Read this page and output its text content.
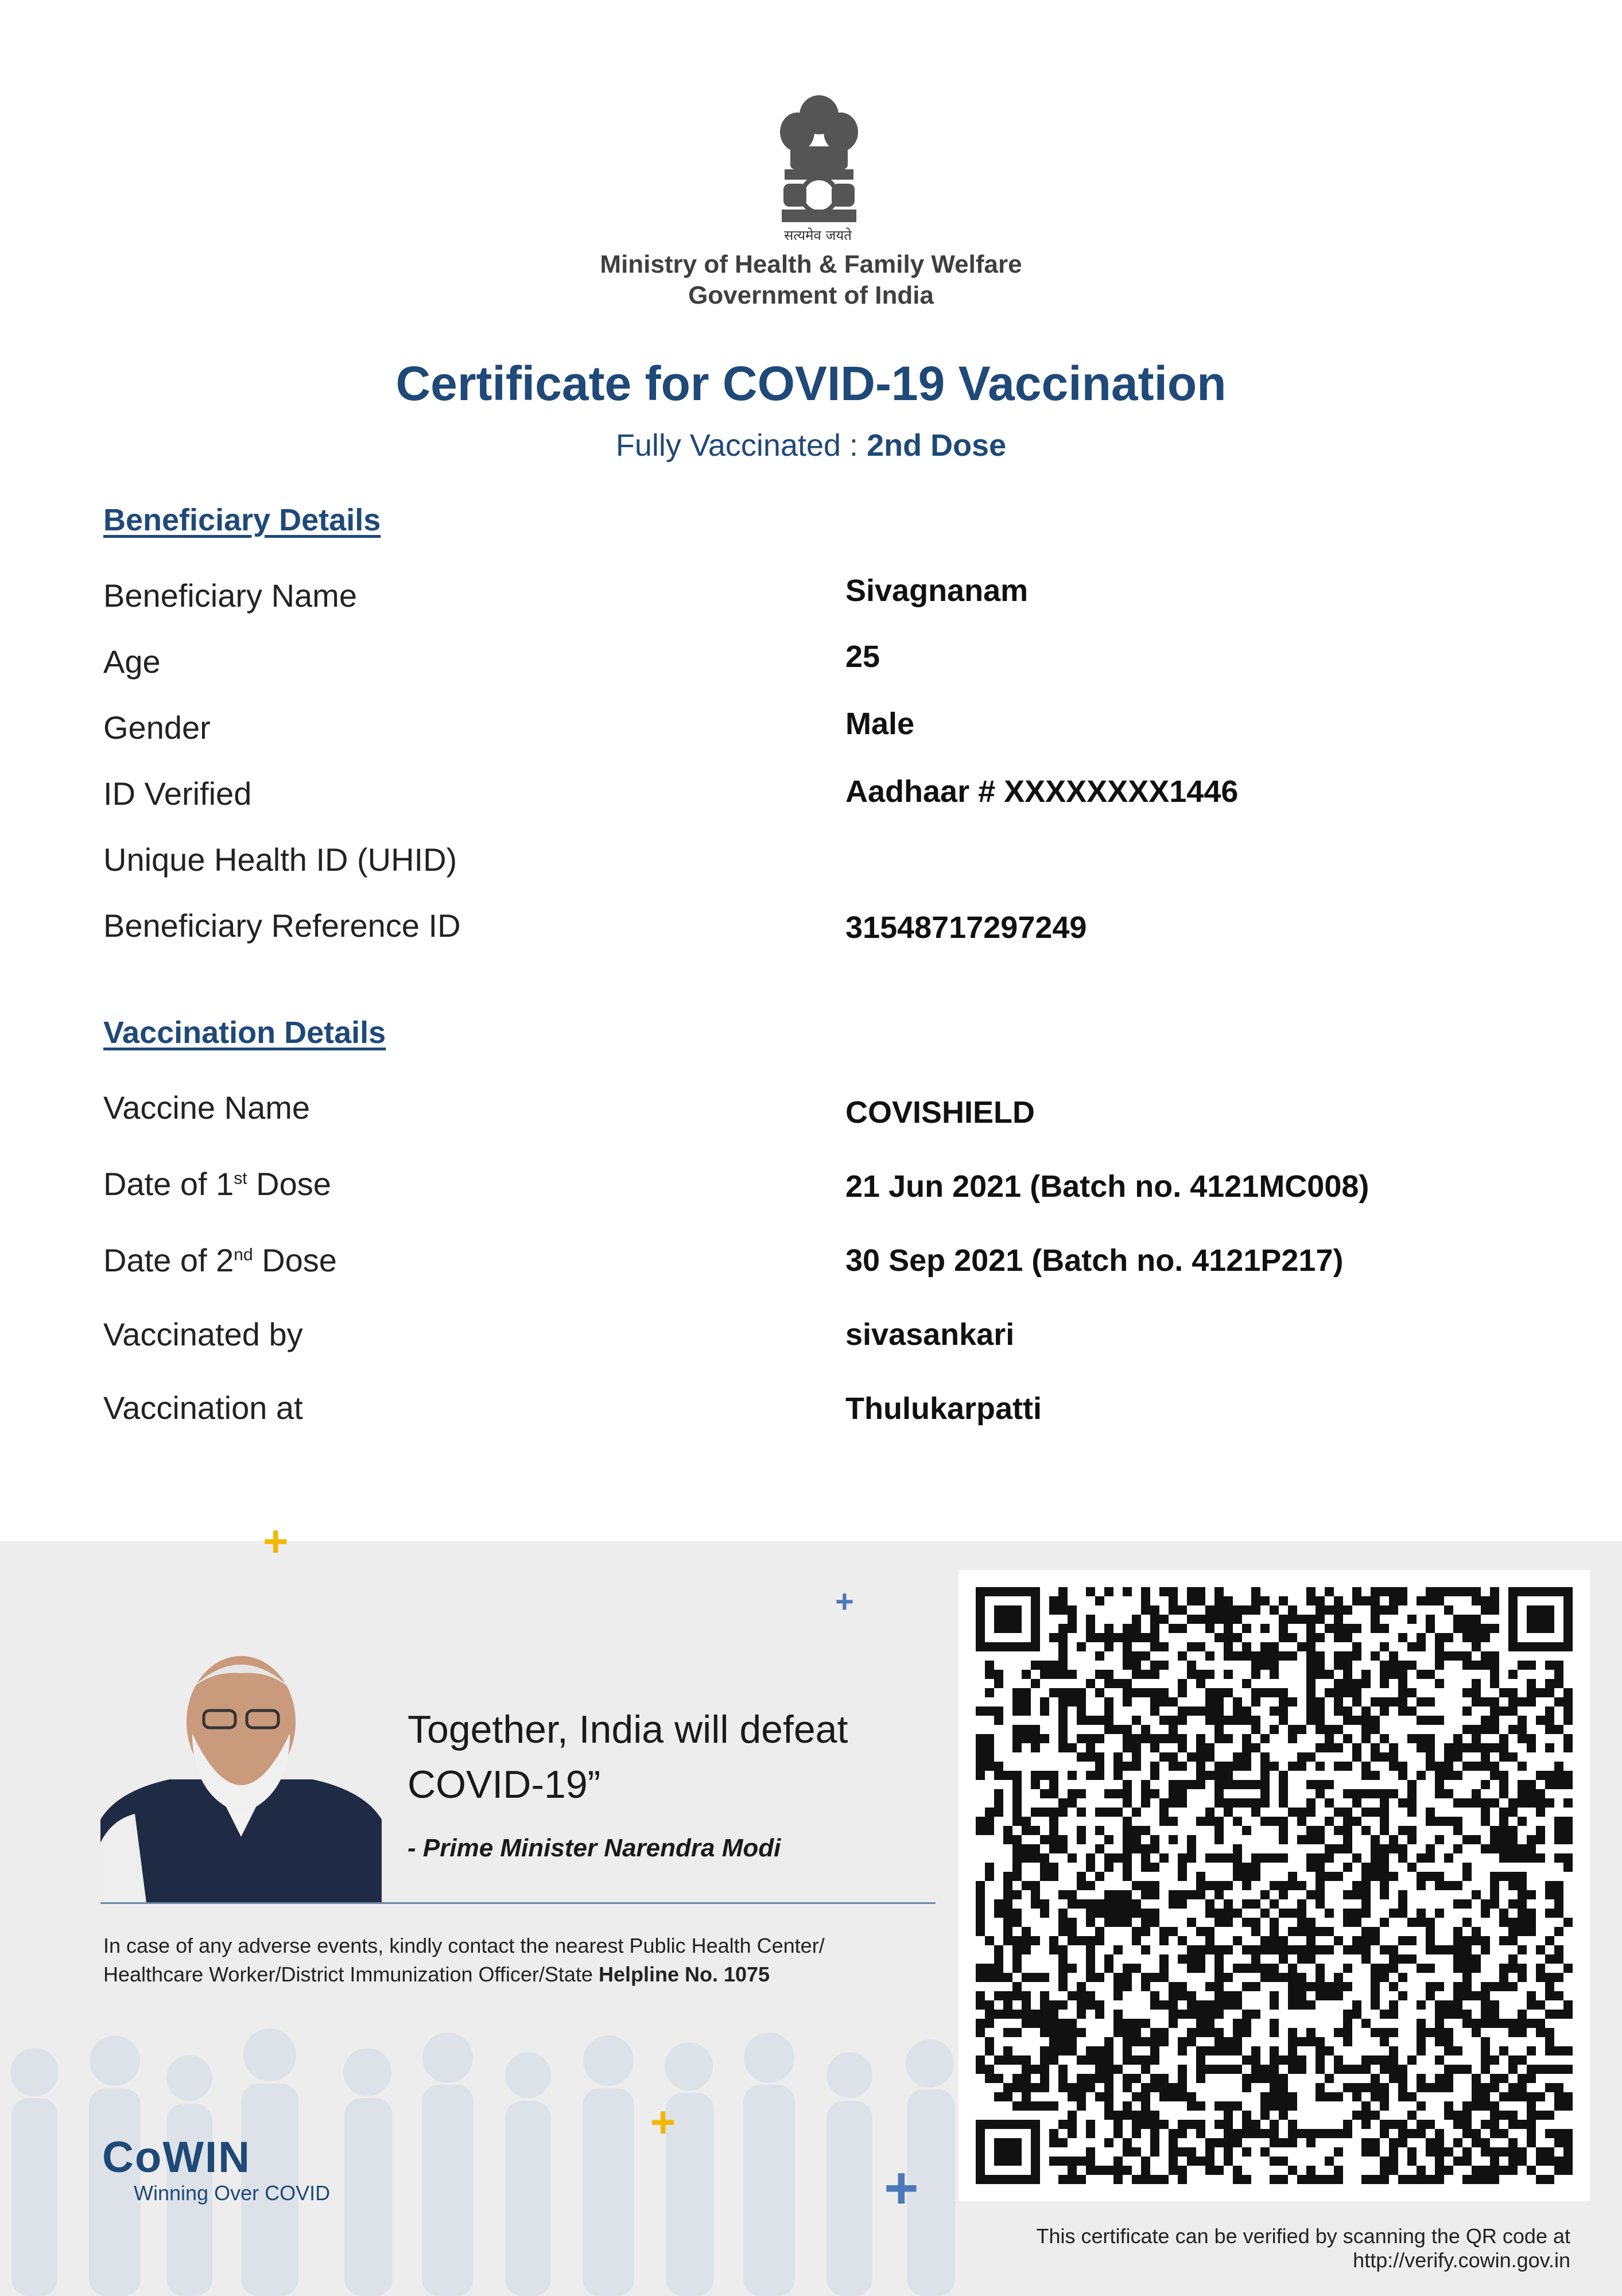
सत्यमेव जयते
Ministry of Health & Family Welfare
Government of India
Certificate for COVID-19 Vaccination
Fully Vaccinated : 2nd Dose
Beneficiary Details
Beneficiary Name	Sivagnanam
Age	25
Gender	Male
ID Verified	Aadhaar # XXXXXXXX1446
Unique Health ID (UHID)
Beneficiary Reference ID	31548717297249
Vaccination Details
Vaccine Name	COVISHIELD
Date of 1st Dose	21 Jun 2021 (Batch no. 4121MC008)
Date of 2nd Dose	30 Sep 2021 (Batch no. 4121P217)
Vaccinated by	sivasankari
Vaccination at	Thulukarpatti
+
+
+
+
Together, India will defeat
COVID-19”
- Prime Minister Narendra Modi
In case of any adverse events, kindly contact the nearest Public Health Center/
Healthcare Worker/District Immunization Officer/State Helpline No. 1075
CoWIN
Winning Over COVID
This certificate can be verified by scanning the QR code at
http://verify.cowin.gov.in
